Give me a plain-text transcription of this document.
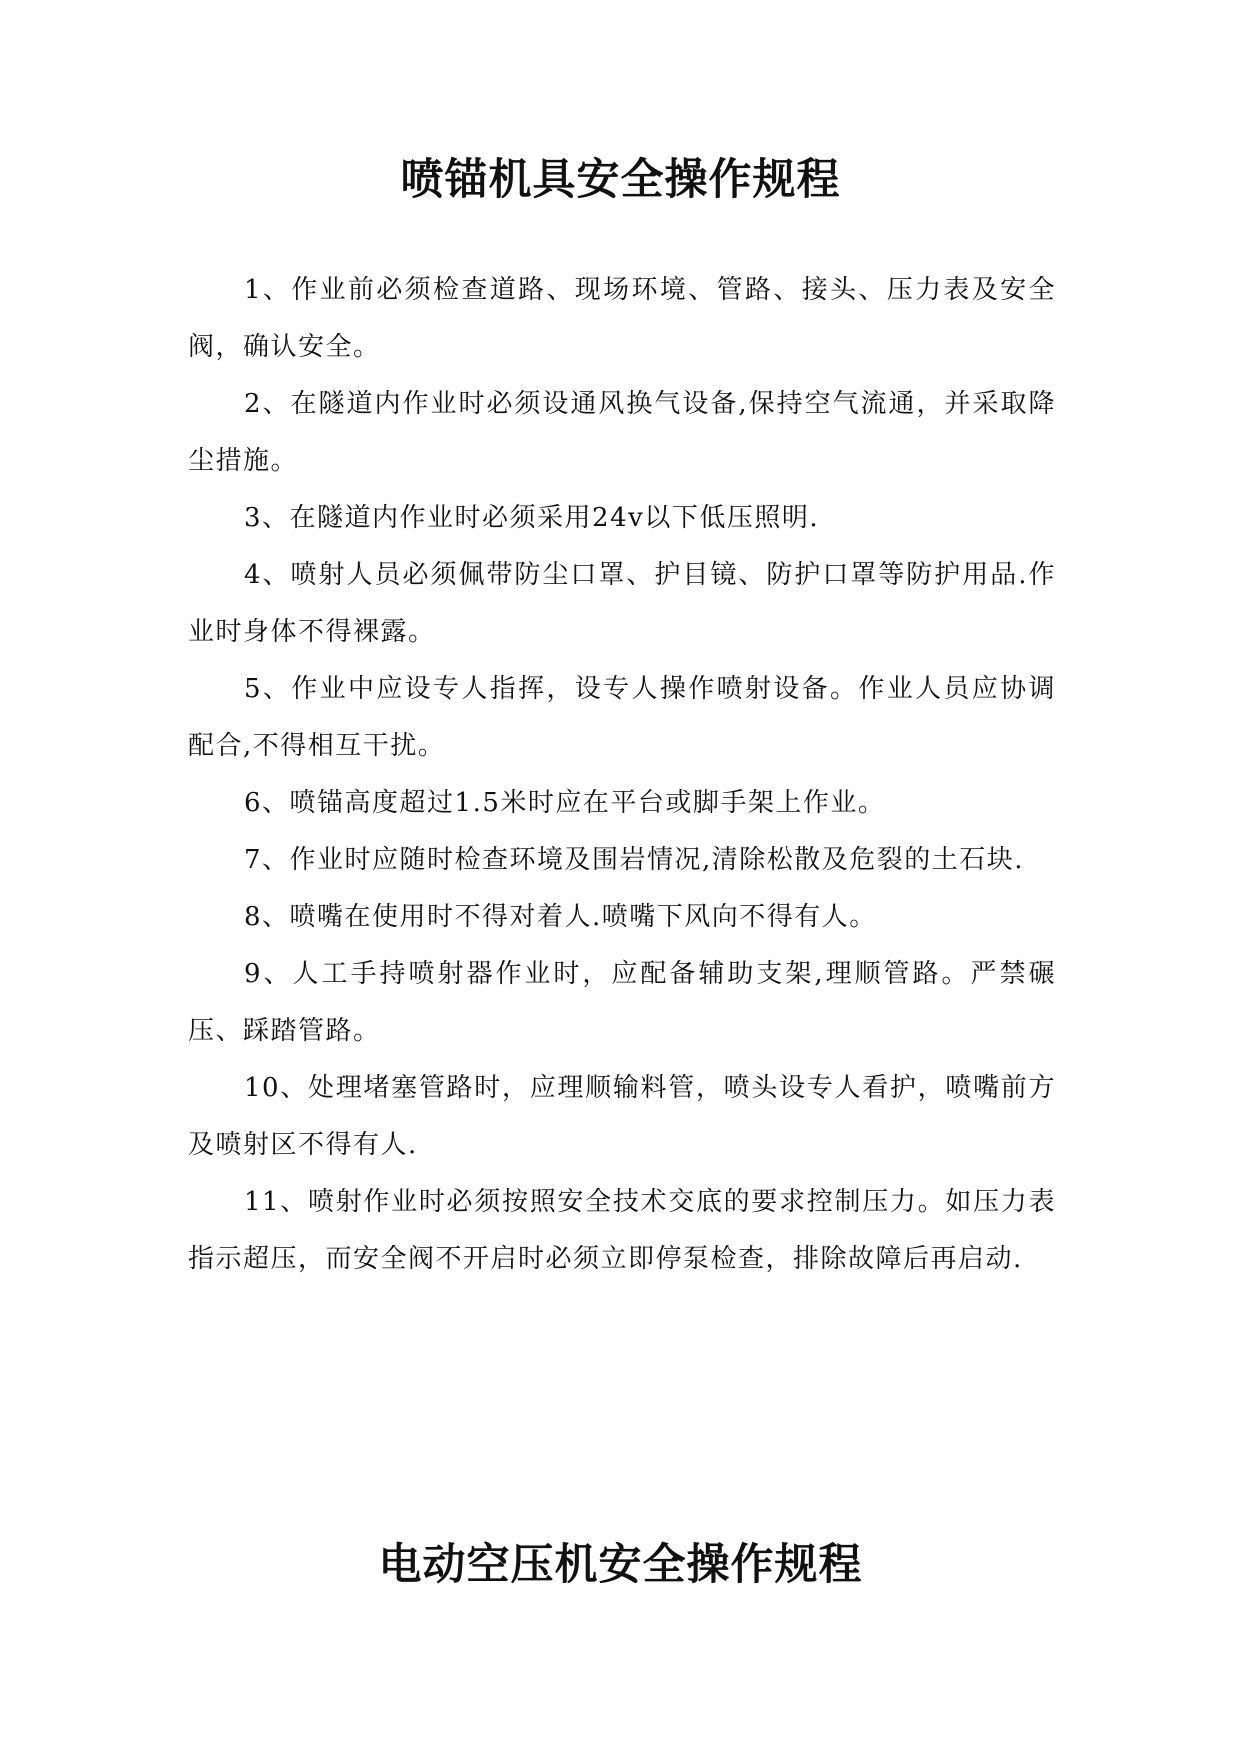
喷锚机具安全操作规程

1、作业前必须检查道路、现场环境、管路、接头、压力表及安全阀，确认安全。

2、在隧道内作业时必须设通风换气设备,保持空气流通，并采取降尘措施。

3、在隧道内作业时必须采用24v以下低压照明.

4、喷射人员必须佩带防尘口罩、护目镜、防护口罩等防护用品.作业时身体不得裸露。

5、作业中应设专人指挥，设专人操作喷射设备。作业人员应协调配合,不得相互干扰。

6、喷锚高度超过1.5米时应在平台或脚手架上作业。

7、作业时应随时检查环境及围岩情况,清除松散及危裂的土石块.

8、喷嘴在使用时不得对着人.喷嘴下风向不得有人。

9、人工手持喷射器作业时，应配备辅助支架,理顺管路。严禁碾压、踩踏管路。

10、处理堵塞管路时，应理顺输料管，喷头设专人看护，喷嘴前方及喷射区不得有人.

11、喷射作业时必须按照安全技术交底的要求控制压力。如压力表指示超压，而安全阀不开启时必须立即停泵检查，排除故障后再启动.

电动空压机安全操作规程
